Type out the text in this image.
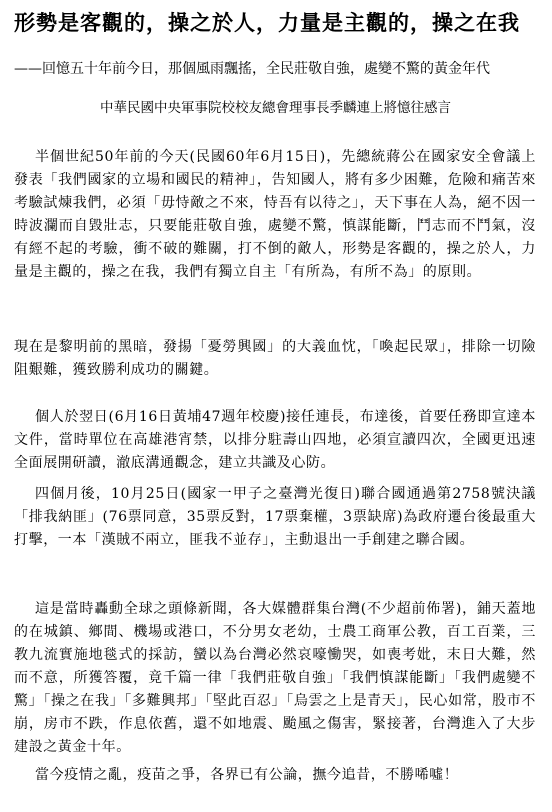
形勢是客觀的，操之於人，力量是主觀的，操之在我
——回憶五十年前今日，那個風雨飄搖，全民莊敬自強，處變不驚的黃金年代
中華民國中央軍事院校校友總會理事長季麟連上將憶往感言
半個世紀50年前的今天(民國60年6月15日)，先總統蔣公在國家安全會議上發表「我們國家的立場和國民的精神」，告知國人，將有多少困難，危險和痛苦來考驗試煉我們，必須「毋恃敵之不來，恃吾有以待之」，天下事在人為，絕不因一時波瀾而自毀壯志，只要能莊敬自強，處變不驚，慎謀能斷，鬥志而不鬥氣，沒有經不起的考驗，衝不破的難關，打不倒的敵人，形勢是客觀的，操之於人，力量是主觀的，操之在我，我們有獨立自主「有所為，有所不為」的原則。
現在是黎明前的黑暗，發揚「憂勞興國」的大義血忱，「喚起民眾」，排除一切險阻艱難，獲致勝利成功的關鍵。
個人於翌日(6月16日黃埔47週年校慶)接任連長，布達後，首要任務即宣達本文件，當時單位在高雄港宵禁，以排分駐壽山四地，必須宣讀四次，全國更迅速全面展開研讀，澈底溝通觀念，建立共識及心防。
四個月後，10月25日(國家一甲子之臺灣光復日)聯合國通過第2758號決議「排我納匪」(76票同意，35票反對，17票棄權，3票缺席)為政府遷台後最重大打擊，一本「漢賊不兩立，匪我不並存」，主動退出一手創建之聯合國。
這是當時轟動全球之頭條新聞，各大媒體群集台灣(不少超前佈署)，鋪天蓋地的在城鎮、鄉間、機場或港口，不分男女老幼，士農工商軍公教，百工百業，三教九流實施地毯式的採訪，蠻以為台灣必然哀嚎慟哭，如喪考妣，末日大難，然而不意，所獲答覆，竟千篇一律「我們莊敬自強」「我們慎謀能斷」「我們處變不驚」「操之在我」「多難興邦」「堅此百忍」「烏雲之上是青天」，民心如常，股市不崩，房市不跌，作息依舊，還不如地震、颱風之傷害，緊接著，台灣進入了大步建設之黃金十年。
當今疫情之亂，疫苗之爭，各界已有公論，撫今追昔，不勝唏噓！
